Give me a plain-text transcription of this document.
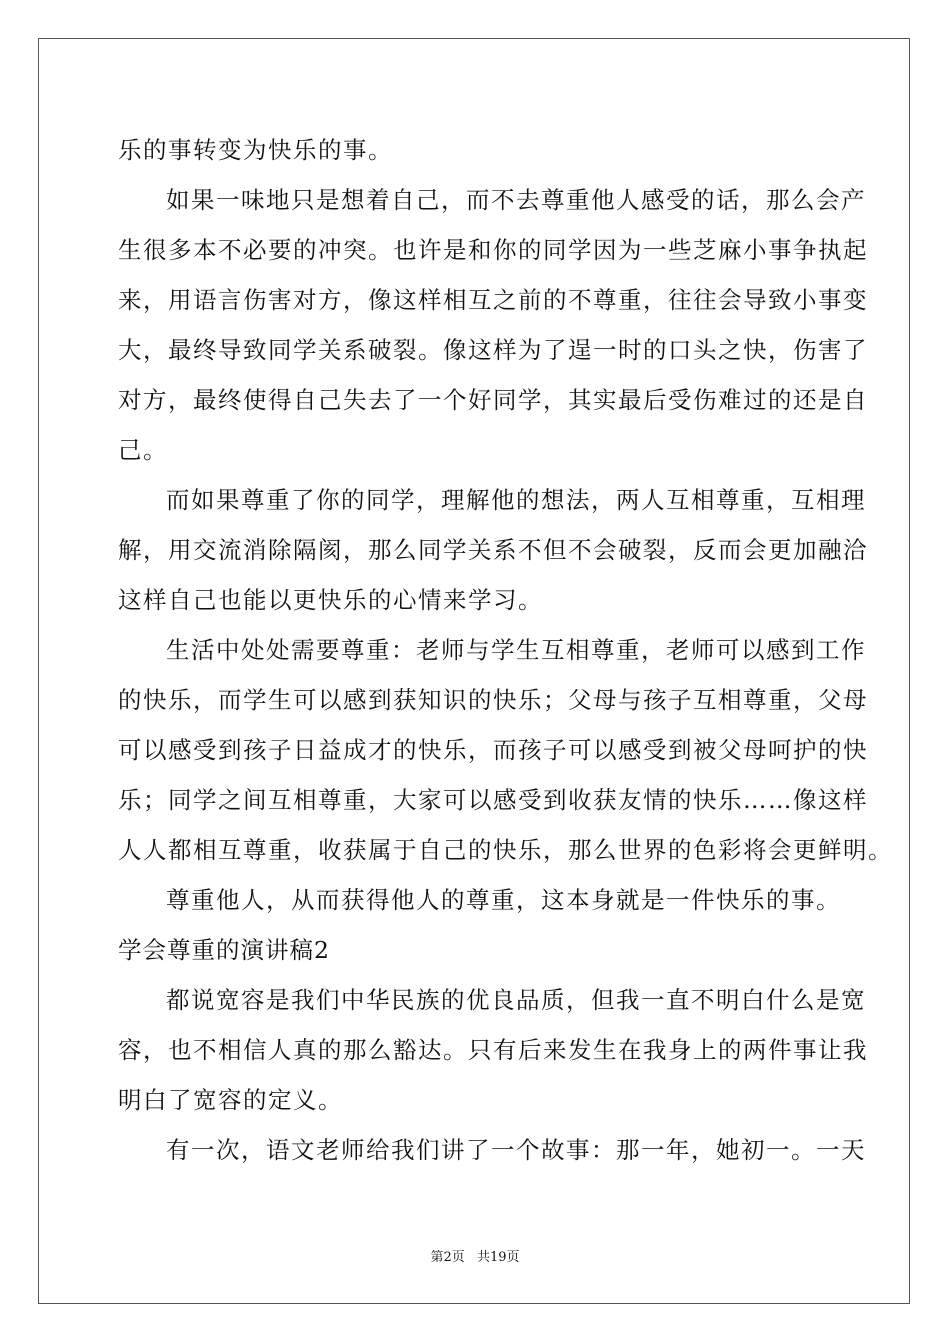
乐的事转变为快乐的事。
如果一味地只是想着自己，而不去尊重他人感受的话，那么会产
生很多本不必要的冲突。也许是和你的同学因为一些芝麻小事争执起
来，用语言伤害对方，像这样相互之前的不尊重，往往会导致小事变
大，最终导致同学关系破裂。像这样为了逞一时的口头之快，伤害了
对方，最终使得自己失去了一个好同学，其实最后受伤难过的还是自
己。
而如果尊重了你的同学，理解他的想法，两人互相尊重，互相理
解，用交流消除隔阂，那么同学关系不但不会破裂，反而会更加融洽
这样自己也能以更快乐的心情来学习。
生活中处处需要尊重：老师与学生互相尊重，老师可以感到工作
的快乐，而学生可以感到获知识的快乐；父母与孩子互相尊重，父母
可以感受到孩子日益成才的快乐，而孩子可以感受到被父母呵护的快
乐；同学之间互相尊重，大家可以感受到收获友情的快乐……像这样
人人都相互尊重，收获属于自己的快乐，那么世界的色彩将会更鲜明。
尊重他人，从而获得他人的尊重，这本身就是一件快乐的事。
学会尊重的演讲稿2
都说宽容是我们中华民族的优良品质，但我一直不明白什么是宽
容，也不相信人真的那么豁达。只有后来发生在我身上的两件事让我
明白了宽容的定义。
有一次，语文老师给我们讲了一个故事：那一年，她初一。一天
第2页 共19页
